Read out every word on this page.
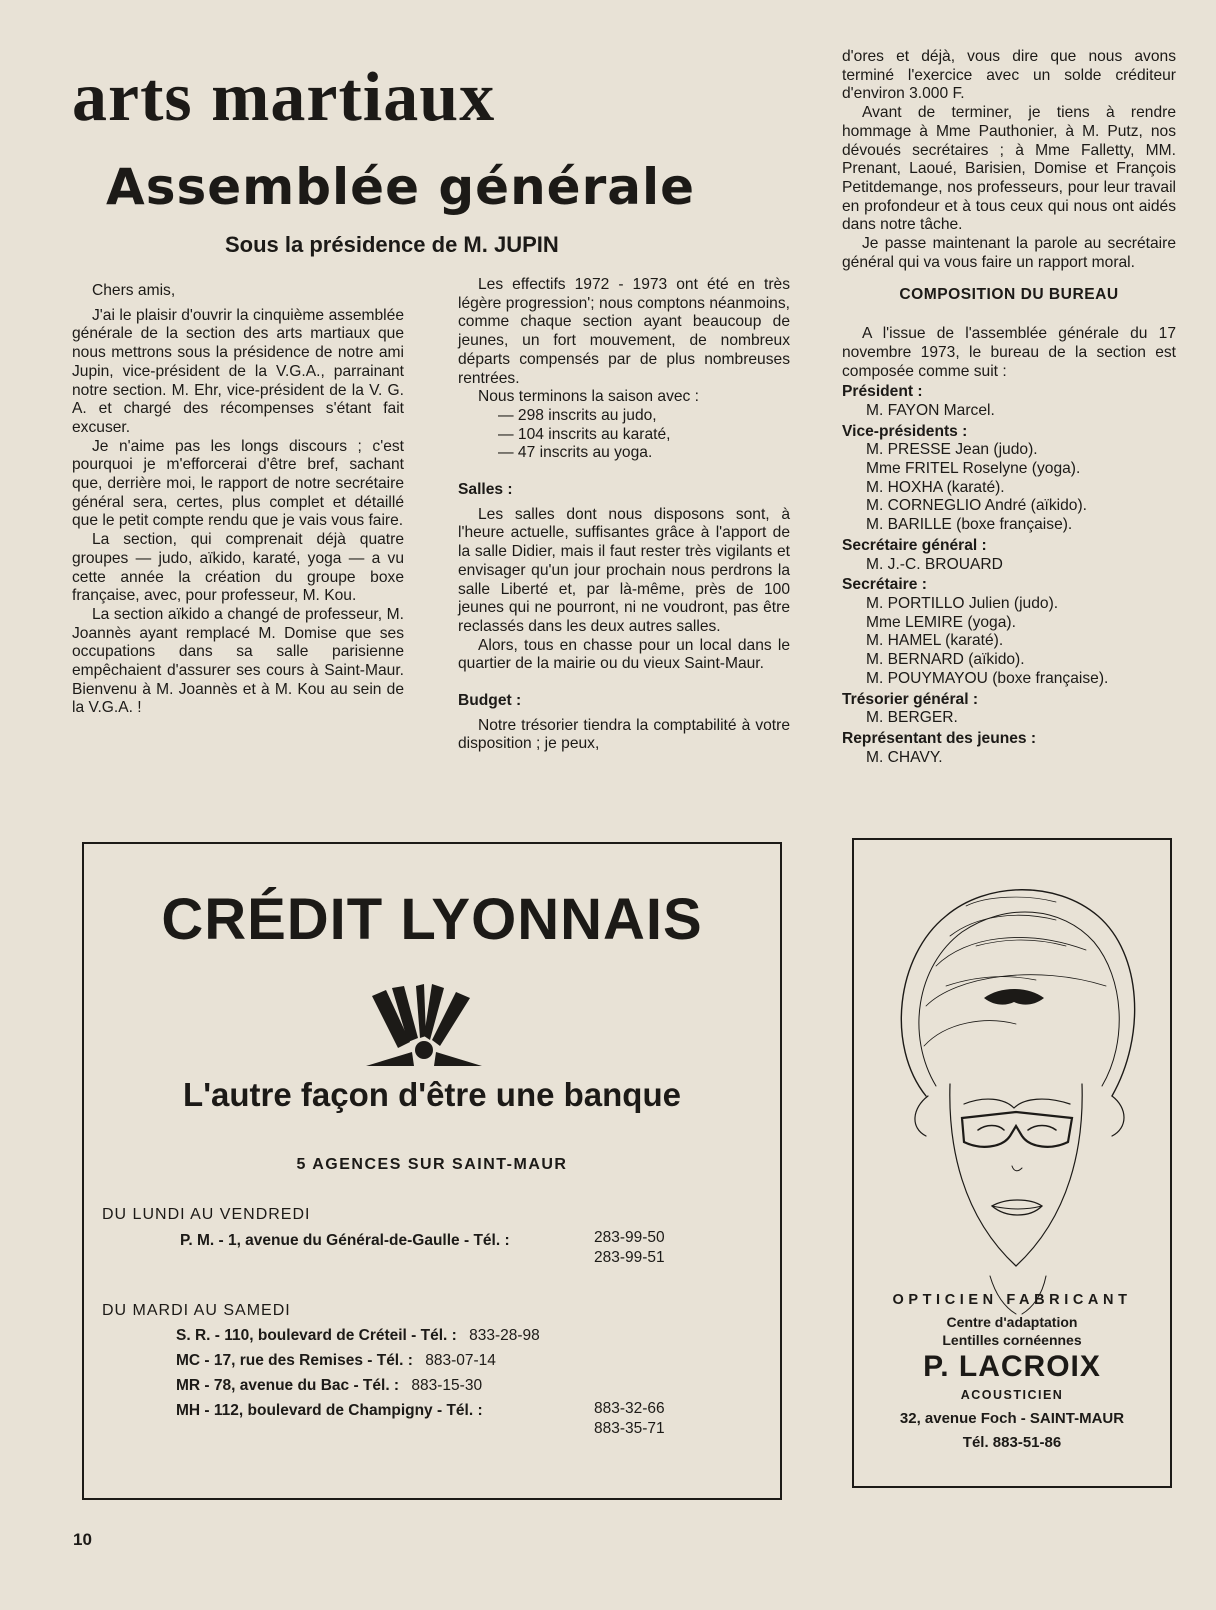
arts martiaux
Assemblée générale
Sous la présidence de M. JUPIN

Chers amis,

J'ai le plaisir d'ouvrir la cinquième assemblée générale de la section des arts martiaux que nous mettrons sous la présidence de notre ami Jupin, vice-président de la V.G.A., parrainant notre section. M. Ehr, vice-président de la V. G. A. et chargé des récompenses s'étant fait excuser.

Je n'aime pas les longs discours ; c'est pourquoi je m'efforcerai d'être bref, sachant que, derrière moi, le rapport de notre secrétaire général sera, certes, plus complet et détaillé que le petit compte rendu que je vais vous faire.

La section, qui comprenait déjà quatre groupes — judo, aïkido, karaté, yoga — a vu cette année la création du groupe boxe française, avec, pour professeur, M. Kou.

La section aïkido a changé de professeur, M. Joannès ayant remplacé M. Domise que ses occupations dans sa salle parisienne empêchaient d'assurer ses cours à Saint-Maur. Bienvenu à M. Joannès et à M. Kou au sein de la V.G.A. !

Les effectifs 1972 - 1973 ont été en très légère progression'; nous comptons néanmoins, comme chaque section ayant beaucoup de jeunes, un fort mouvement, de nombreux départs compensés par de plus nombreuses rentrées.

Nous terminons la saison avec :

— 298 inscrits au judo,

— 104 inscrits au karaté,

— 47 inscrits au yoga.

Salles :

Les salles dont nous disposons sont, à l'heure actuelle, suffisantes grâce à l'apport de la salle Didier, mais il faut rester très vigilants et envisager qu'un jour prochain nous perdrons la salle Liberté et, par là-même, près de 100 jeunes qui ne pourront, ni ne voudront, pas être reclassés dans les deux autres salles.

Alors, tous en chasse pour un local dans le quartier de la mairie ou du vieux Saint-Maur.

Budget :

Notre trésorier tiendra la comptabilité à votre disposition ; je peux,

d'ores et déjà, vous dire que nous avons terminé l'exercice avec un solde créditeur d'environ 3.000 F.

Avant de terminer, je tiens à rendre hommage à Mme Pauthonier, à M. Putz, nos dévoués secrétaires ; à Mme Falletty, MM. Prenant, Laoué, Barisien, Domise et François Petitdemange, nos professeurs, pour leur travail en profondeur et à tous ceux qui nous ont aidés dans notre tâche.

Je passe maintenant la parole au secrétaire général qui va vous faire un rapport moral.

COMPOSITION DU BUREAU

A l'issue de l'assemblée générale du 17 novembre 1973, le bureau de la section est composée comme suit :

Président :

M. FAYON Marcel.

Vice-présidents :

M. PRESSE Jean (judo).

Mme FRITEL Roselyne (yoga).

M. HOXHA (karaté).

M. CORNEGLIO André (aïkido).

M. BARILLE (boxe française).

Secrétaire général :

M. J.-C. BROUARD

Secrétaire :

M. PORTILLO Julien (judo).

Mme LEMIRE (yoga).

M. HAMEL (karaté).

M. BERNARD (aïkido).

M. POUYMAYOU (boxe française).

Trésorier général :

M. BERGER.

Représentant des jeunes :

M. CHAVY.

CRÉDIT LYONNAIS
L'autre façon d'être une banque
5 AGENCES SUR SAINT-MAUR
DU LUNDI AU VENDREDI
P. M. - 1, avenue du Général-de-Gaulle - Tél. :	283-99-50
283-99-51
DU MARDI AU SAMEDI
S. R. - 110, boulevard de Créteil - Tél. : 833-28-98
MC - 17, rue des Remises - Tél. : 883-07-14
MR - 78, avenue du Bac - Tél. : 883-15-30
MH - 112, boulevard de Champigny - Tél. :	883-32-66
883-35-71
OPTICIEN FABRICANT
Centre d'adaptation
Lentilles cornéennes
P. LACROIX
ACOUSTICIEN
32, avenue Foch - SAINT-MAUR
Tél. 883-51-86
10
